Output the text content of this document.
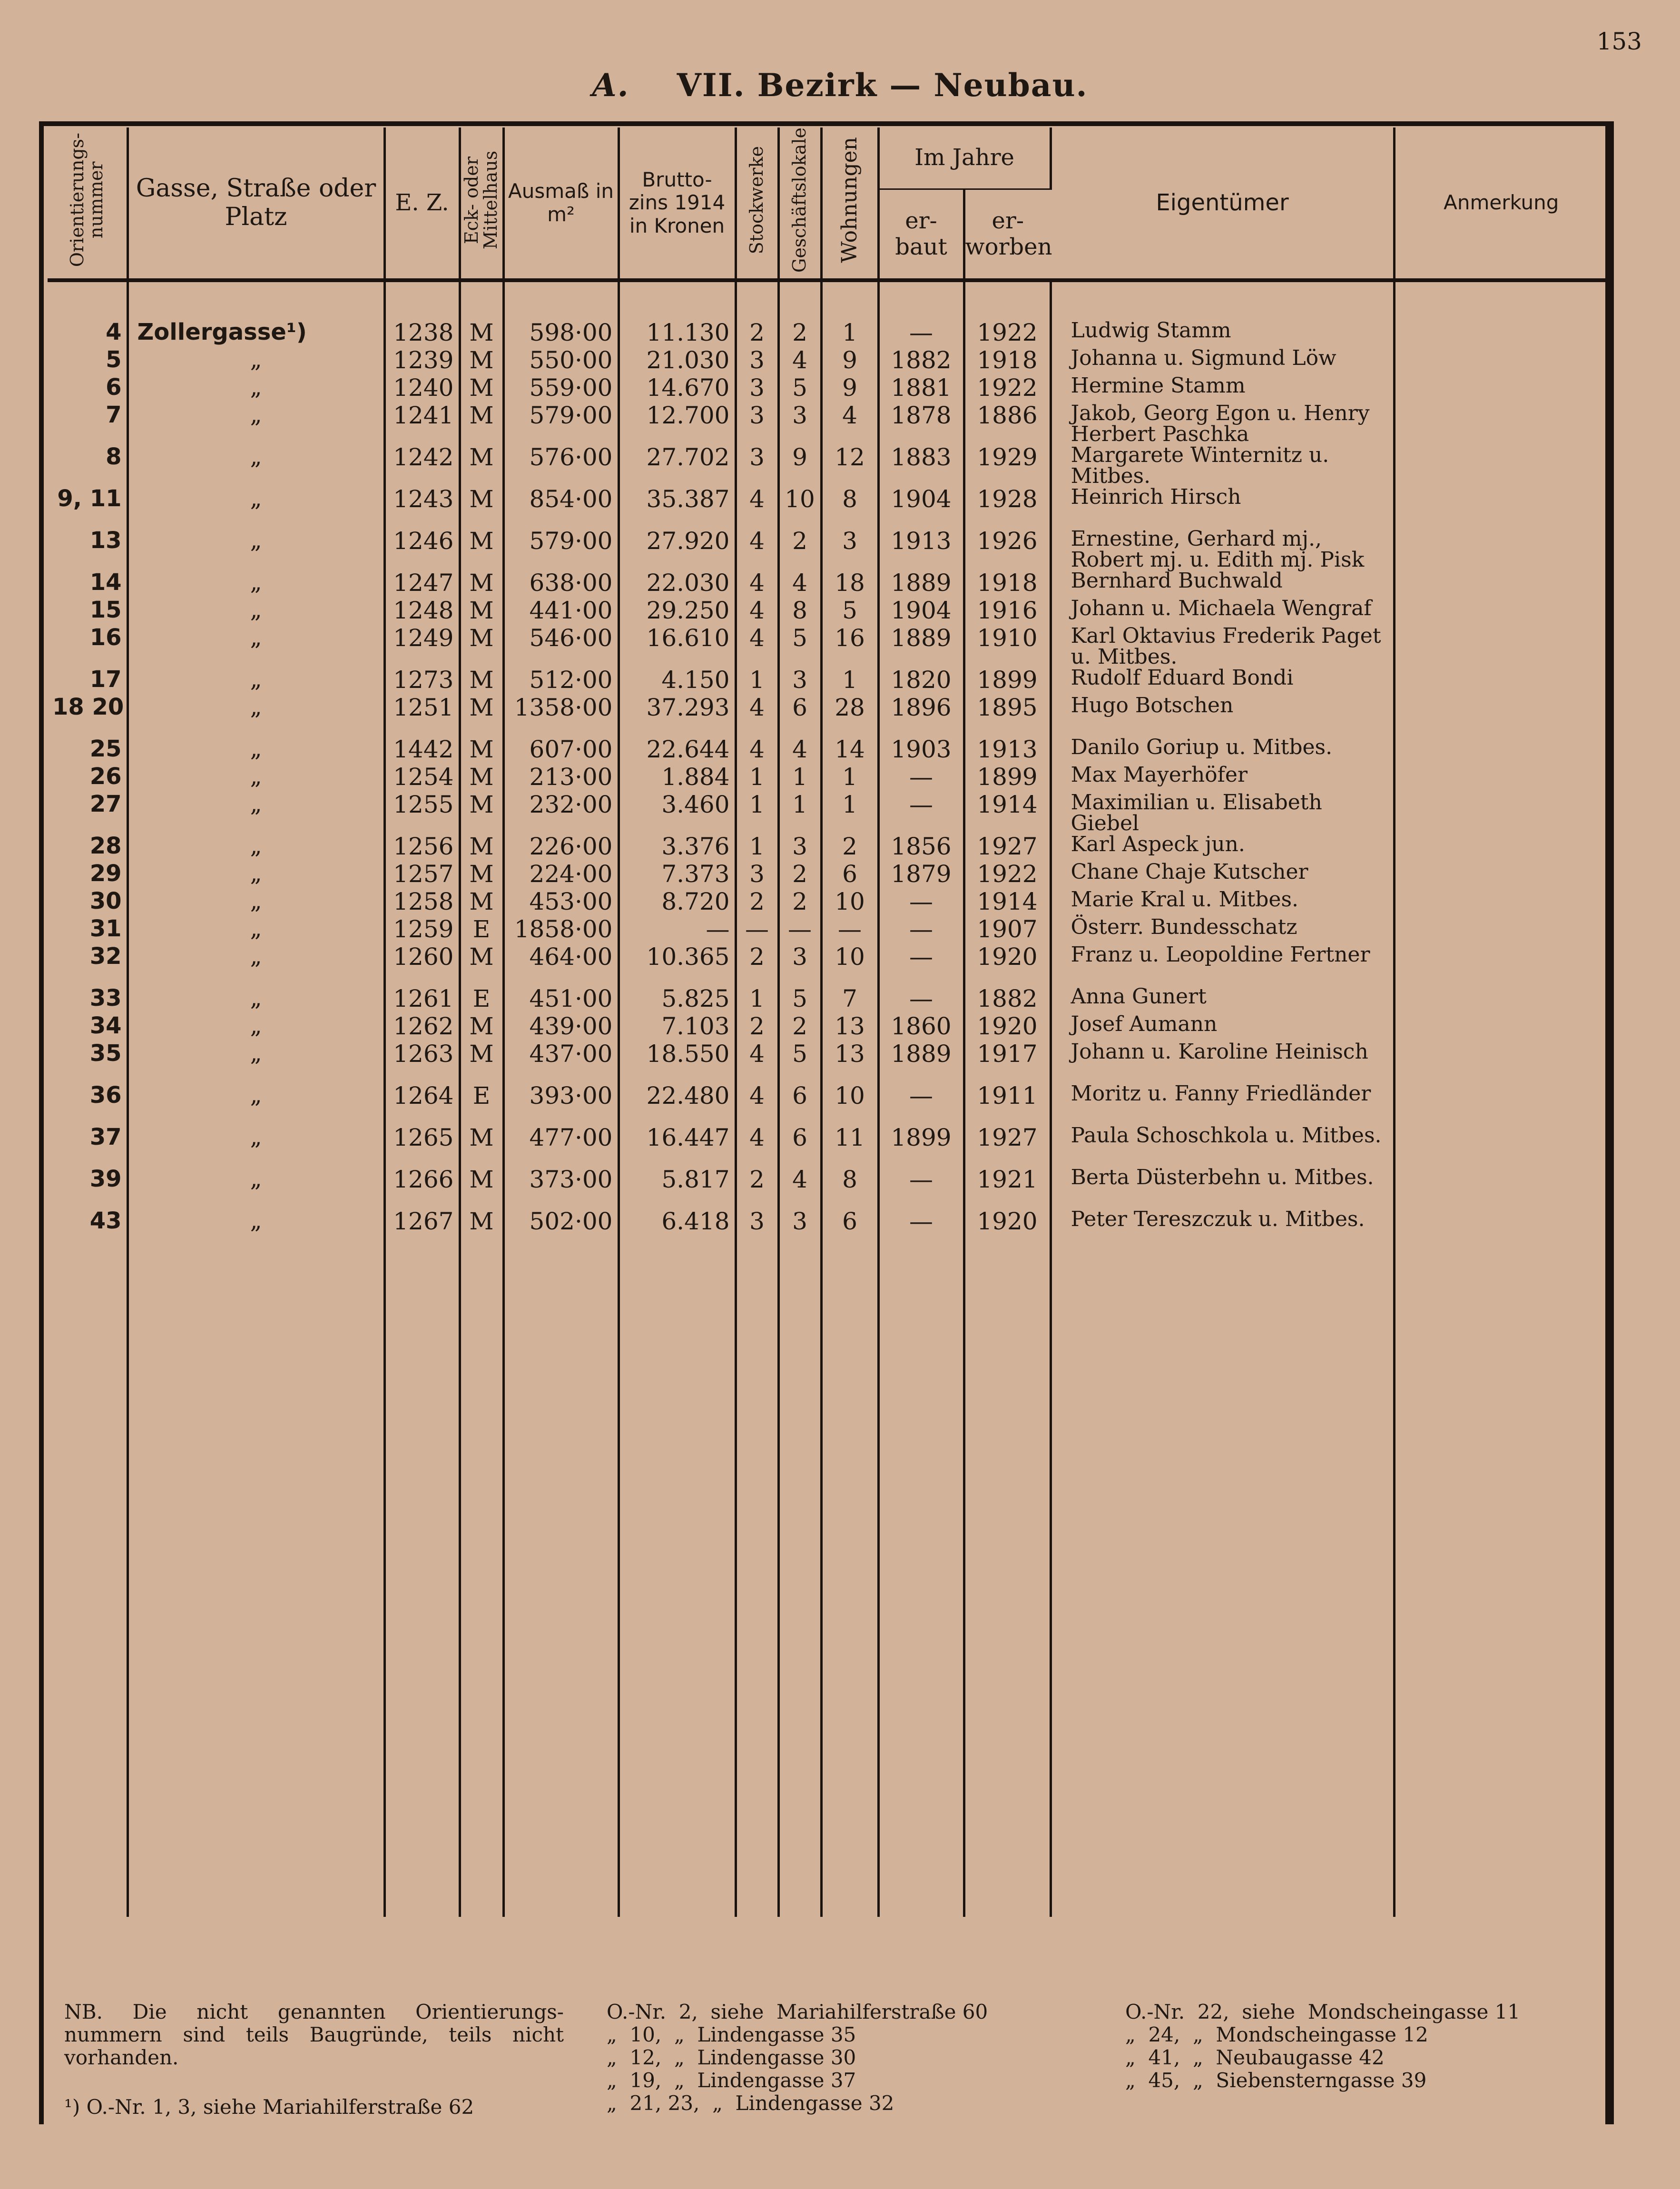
153
A. VII. Bezirk — Neubau.
Orientierungs- nummer	Gasse, Straße oder Platz	E. Z.	Eck- oder Mittelhaus	Ausmaß in m²	Brutto- zins 1914 in Kronen	Stockwerke	Geschäftslokale	Wohnungen	Im Jahre		Eigentümer	Anmerkung
									er- baut	er- worben		
4	Zollergasse¹)	1238	M	598·00	11.130	2	2	1	—	1922	Ludwig Stamm	
5	„	1239	M	550·00	21.030	3	4	9	1882	1918	Johanna u. Sigmund Löw	
6	„	1240	M	559·00	14.670	3	5	9	1881	1922	Hermine Stamm	
7	„	1241	M	579·00	12.700	3	3	4	1878	1886	Jakob, Georg Egon u. Henry Herbert Paschka	
8	„	1242	M	576·00	27.702	3	9	12	1883	1929	Margarete Winternitz u. Mitbes.	
9, 11	„	1243	M	854·00	35.387	4	10	8	1904	1928	Heinrich Hirsch	
13	„	1246	M	579·00	27.920	4	2	3	1913	1926	Ernestine, Gerhard mj., Robert mj. u. Edith mj. Pisk	
14	„	1247	M	638·00	22.030	4	4	18	1889	1918	Bernhard Buchwald	
15	„	1248	M	441·00	29.250	4	8	5	1904	1916	Johann u. Michaela Wengraf	
16	„	1249	M	546·00	16.610	4	5	16	1889	1910	Karl Oktavius Frederik Paget u. Mitbes.	
17	„	1273	M	512·00	4.150	1	3	1	1820	1899	Rudolf Eduard Bondi	
18 20	„	1251	M	1358·00	37.293	4	6	28	1896	1895	Hugo Botschen	
25	„	1442	M	607·00	22.644	4	4	14	1903	1913	Danilo Goriup u. Mitbes.	
26	„	1254	M	213·00	1.884	1	1	1	—	1899	Max Mayerhöfer	
27	„	1255	M	232·00	3.460	1	1	1	—	1914	Maximilian u. Elisabeth Giebel	
28	„	1256	M	226·00	3.376	1	3	2	1856	1927	Karl Aspeck jun.	
29	„	1257	M	224·00	7.373	3	2	6	1879	1922	Chane Chaje Kutscher	
30	„	1258	M	453·00	8.720	2	2	10	—	1914	Marie Kral u. Mitbes.	
31	„	1259	E	1858·00	—	—	—	—	—	1907	Österr. Bundesschatz	
32	„	1260	M	464·00	10.365	2	3	10	—	1920	Franz u. Leopoldine Fertner	
33	„	1261	E	451·00	5.825	1	5	7	—	1882	Anna Gunert	
34	„	1262	M	439·00	7.103	2	2	13	1860	1920	Josef Aumann	
35	„	1263	M	437·00	18.550	4	5	13	1889	1917	Johann u. Karoline Heinisch	
36	„	1264	E	393·00	22.480	4	6	10	—	1911	Moritz u. Fanny Friedländer	
37	„	1265	M	477·00	16.447	4	6	11	1899	1927	Paula Schoschkola u. Mitbes.	
39	„	1266	M	373·00	5.817	2	4	8	—	1921	Berta Düsterbehn u. Mitbes.	
43	„	1267	M	502·00	6.418	3	3	6	—	1920	Peter Tereszczuk u. Mitbes.	

NB. Die nicht genannten Orientierungs- nummern sind teils Baugründe, teils nicht vorhanden.
O.-Nr.  2,  siehe  Mariahilferstraße 60
„  10,  „  Lindengasse 35
„  12,  „  Lindengasse 30
„  19,  „  Lindengasse 37
„  21, 23,  „  Lindengasse 32
O.-Nr.  22,  siehe  Mondscheingasse 11
„  24,  „  Mondscheingasse 12
„  41,  „  Neubaugasse 42
„  45,  „  Siebensterngasse 39
¹) O.-Nr. 1, 3, siehe Mariahilferstraße 62
